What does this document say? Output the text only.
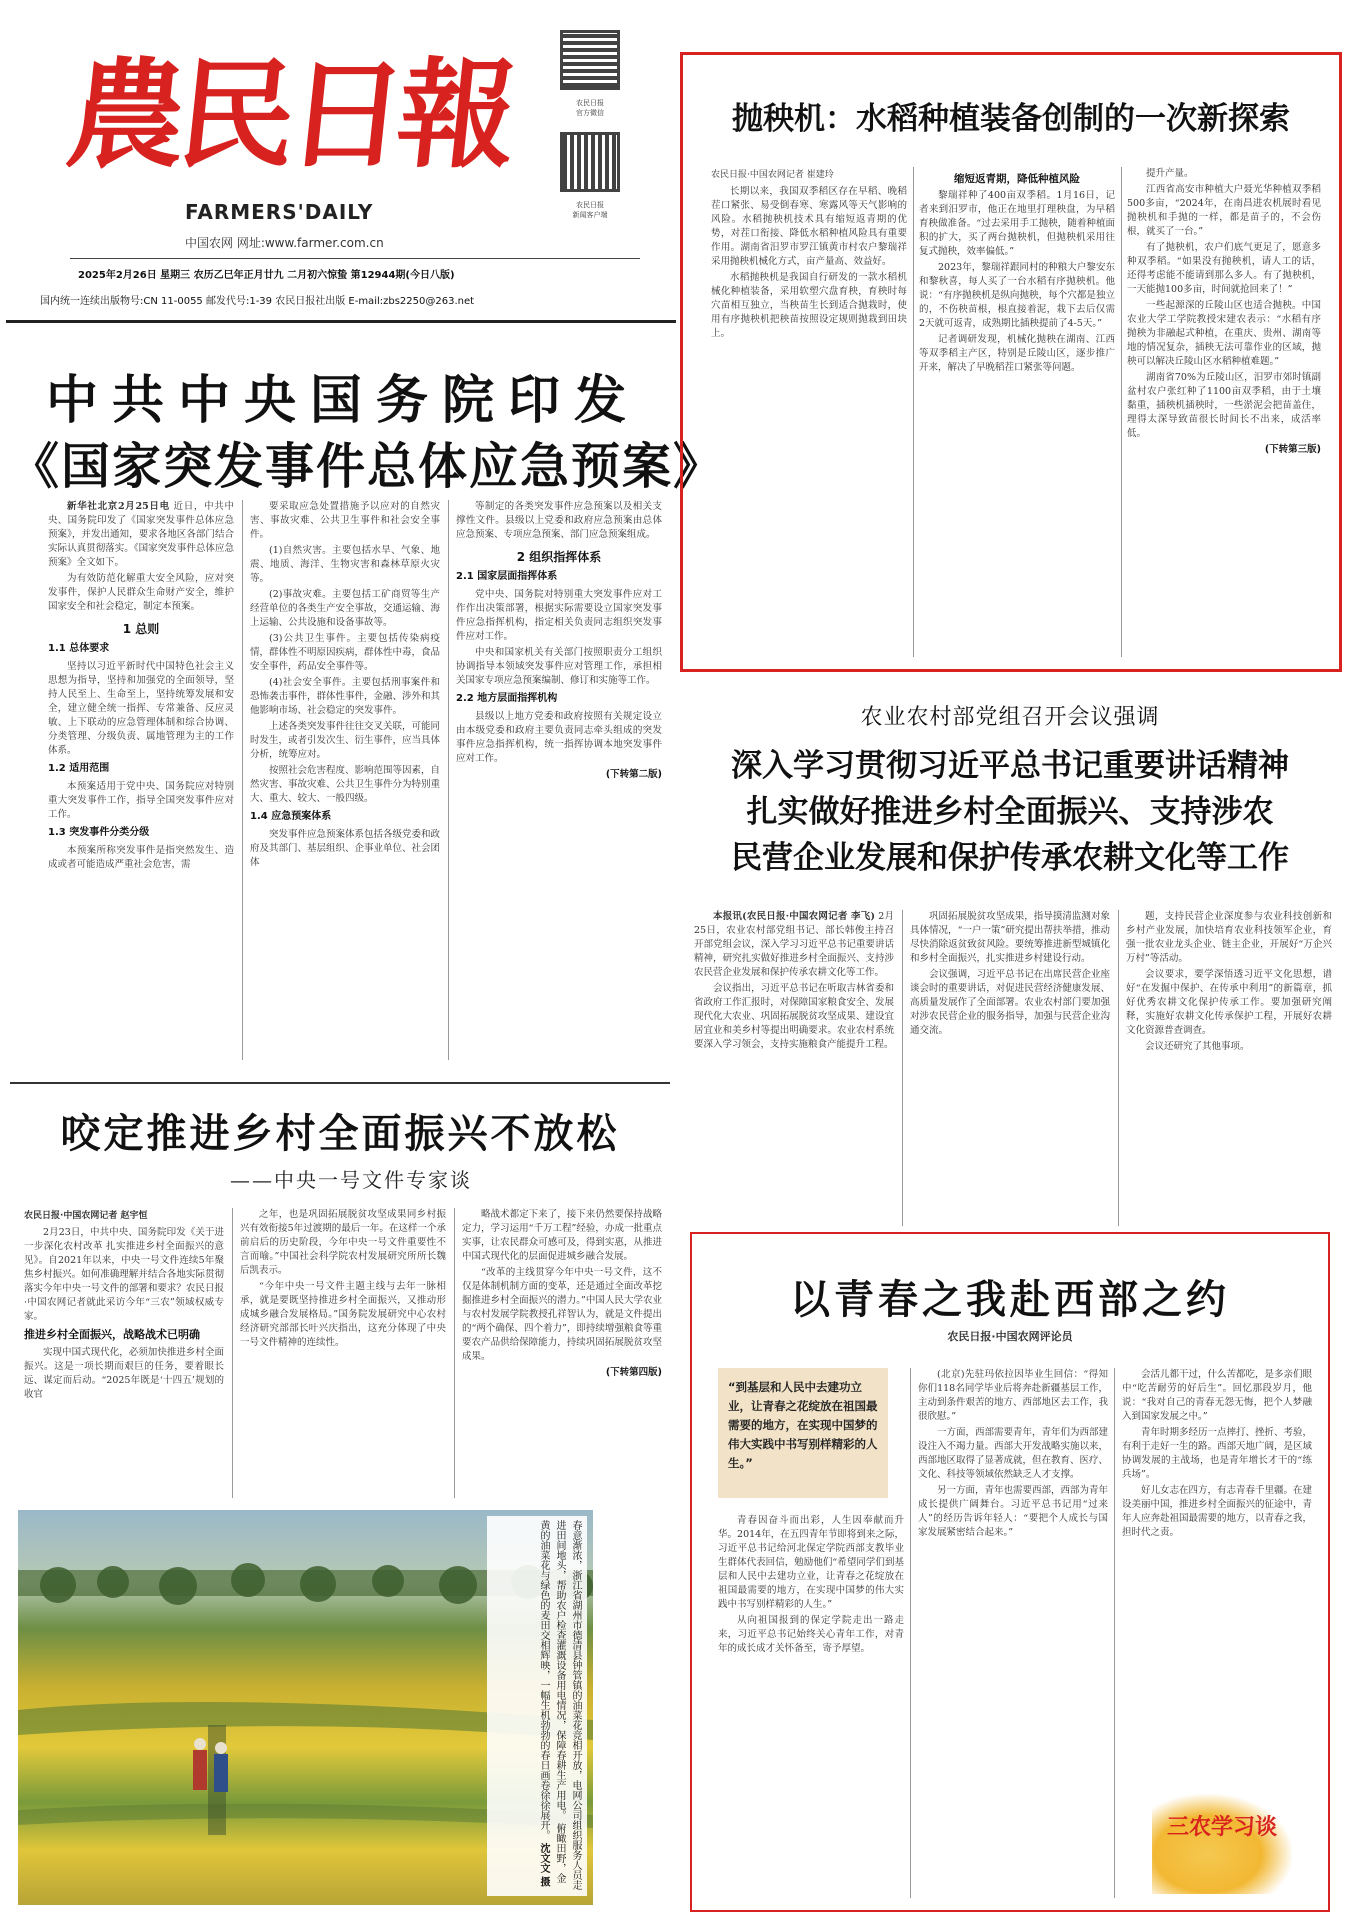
農民日報
FARMERS'DAILY
中国农网 网址:www.farmer.com.cn
农民日报
官方微信
农民日报
新闻客户端
2025年2月26日 星期三 农历乙巳年正月廿九 二月初六惊蛰 第12944期(今日八版)
国内统一连续出版物号:CN 11-0055 邮发代号:1-39 农民日报社出版 E-mail:zbs2250@263.net
中共中央国务院印发
《国家突发事件总体应急预案》

新华社北京2月25日电 近日，中共中央、国务院印发了《国家突发事件总体应急预案》，并发出通知，要求各地区各部门结合实际认真贯彻落实。《国家突发事件总体应急预案》全文如下。

为有效防范化解重大安全风险，应对突发事件，保护人民群众生命财产安全，维护国家安全和社会稳定，制定本预案。

1 总则
1.1 总体要求

坚持以习近平新时代中国特色社会主义思想为指导，坚持和加强党的全面领导，坚持人民至上、生命至上，坚持统筹发展和安全，建立健全统一指挥、专常兼备、反应灵敏、上下联动的应急管理体制和综合协调、分类管理、分级负责、属地管理为主的工作体系。

1.2 适用范围

本预案适用于党中央、国务院应对特别重大突发事件工作，指导全国突发事件应对工作。

1.3 突发事件分类分级

本预案所称突发事件是指突然发生、造成或者可能造成严重社会危害，需

要采取应急处置措施予以应对的自然灾害、事故灾难、公共卫生事件和社会安全事件。

(1)自然灾害。主要包括水旱、气象、地震、地质、海洋、生物灾害和森林草原火灾等。

(2)事故灾难。主要包括工矿商贸等生产经营单位的各类生产安全事故，交通运输、海上运输、公共设施和设备事故等。

(3)公共卫生事件。主要包括传染病疫情，群体性不明原因疾病，群体性中毒，食品安全事件，药品安全事件等。

(4)社会安全事件。主要包括刑事案件和恐怖袭击事件，群体性事件，金融、涉外和其他影响市场、社会稳定的突发事件。

上述各类突发事件往往交叉关联，可能同时发生，或者引发次生、衍生事件，应当具体分析，统筹应对。

按照社会危害程度、影响范围等因素，自然灾害、事故灾难、公共卫生事件分为特别重大、重大、较大、一般四级。

1.4 应急预案体系

突发事件应急预案体系包括各级党委和政府及其部门、基层组织、企事业单位、社会团体

等制定的各类突发事件应急预案以及相关支撑性文件。县级以上党委和政府应急预案由总体应急预案、专项应急预案、部门应急预案组成。

2 组织指挥体系
2.1 国家层面指挥体系

党中央、国务院对特别重大突发事件应对工作作出决策部署，根据实际需要设立国家突发事件应急指挥机构，指定相关负责同志组织突发事件应对工作。

中央和国家机关有关部门按照职责分工组织协调指导本领域突发事件应对管理工作，承担相关国家专项应急预案编制、修订和实施等工作。

2.2 地方层面指挥机构

县级以上地方党委和政府按照有关规定设立由本级党委和政府主要负责同志牵头组成的突发事件应急指挥机构，统一指挥协调本地突发事件应对工作。

(下转第二版)
抛秧机：水稻种植装备创制的一次新探索
农民日报·中国农网记者 崔建玲

长期以来，我国双季稻区存在早稻、晚稻茬口紧张、易受倒春寒、寒露风等天气影响的风险。水稻抛秧机技术具有缩短返青期的优势，对茬口衔接、降低水稻种植风险具有重要作用。湖南省汨罗市罗江镇黄市村农户黎瑞祥采用抛秧机械化方式，亩产量高、效益好。

水稻抛秧机是我国自行研发的一款水稻机械化种植装备，采用软塑穴盘育秧，育秧时每穴苗相互独立，当秧苗生长到适合抛栽时，使用有序抛秧机把秧苗按照设定规则抛栽到田块上。

缩短返青期，降低种植风险

黎瑞祥种了400亩双季稻。1月16日，记者来到汨罗市，他正在地里打理秧盘，为早稻育秧做准备。“过去采用手工抛秧，随着种植面积的扩大，买了两台抛秧机，但抛秧机采用往复式抛秧，效率偏低。”

2023年，黎瑞祥跟同村的种粮大户黎安东和黎秋喜，每人买了一台水稻有序抛秧机。他说：“有序抛秧机是纵向抛秧，每个穴都是独立的，不伤秧苗根，根直接着泥，栽下去后仅需2天就可返青，成熟期比插秧提前了4-5天。”

记者调研发现，机械化抛秧在湖南、江西等双季稻主产区，特别是丘陵山区，逐步推广开来，解决了早晚稻茬口紧张等问题。

提升产量。

江西省高安市种植大户聂光华种植双季稻500多亩，“2024年，在南昌进农机展时看见抛秧机和手抛的一样，都是苗子的，不会伤根，就买了一台。”

有了抛秧机，农户们底气更足了，愿意多种双季稻。“如果没有抛秧机，请人工的话，还得考虑能不能请到那么多人。有了抛秧机，一天能抛100多亩，时间就抢回来了！”

一些起源深的丘陵山区也适合抛秧。中国农业大学工学院教授宋建农表示：“水稻有序抛秧为非融起式种植，在重庆、贵州、湖南等地的情况复杂，插秧无法可靠作业的区域，抛秧可以解决丘陵山区水稻种植难题。”

湖南省70%为丘陵山区，汨罗市郊时镇副盆村农户张红种了1100亩双季稻，由于土壤黏重，插秧机插秧时，一些淤泥会把苗盖住，理得太深导致苗很长时间长不出来，成活率低。

(下转第三版)
农业农村部党组召开会议强调
深入学习贯彻习近平总书记重要讲话精神
扎实做好推进乡村全面振兴、支持涉农
民营企业发展和保护传承农耕文化等工作

本报讯(农民日报·中国农网记者 李飞) 2月25日，农业农村部党组书记、部长韩俊主持召开部党组会议，深入学习习近平总书记重要讲话精神，研究扎实做好推进乡村全面振兴、支持涉农民营企业发展和保护传承农耕文化等工作。

会议指出，习近平总书记在听取吉林省委和省政府工作汇报时，对保障国家粮食安全、发展现代化大农业、巩固拓展脱贫攻坚成果、建设宜居宜业和美乡村等提出明确要求。农业农村系统要深入学习领会，支持实施粮食产能提升工程。

巩固拓展脱贫攻坚成果，指导摸清监测对象具体情况，“一户一策”研究提出帮扶举措，推动尽快消除返贫致贫风险。要统筹推进新型城镇化和乡村全面振兴，扎实推进乡村建设行动。

会议强调，习近平总书记在出席民营企业座谈会时的重要讲话，对促进民营经济健康发展、高质量发展作了全面部署。农业农村部门要加强对涉农民营企业的服务指导，加强与民营企业沟通交流。

题，支持民营企业深度参与农业科技创新和乡村产业发展，加快培育农业科技领军企业，育强一批农业龙头企业、链主企业，开展好“万企兴万村”等活动。

会议要求，要学深悟透习近平文化思想，谱好“在发掘中保护、在传承中利用”的新篇章，抓好优秀农耕文化保护传承工作。要加强研究阐释，实施好农耕文化传承保护工程，开展好农耕文化资源普查调查。

会议还研究了其他事项。

咬定推进乡村全面振兴不放松
——中央一号文件专家谈
农民日报·中国农网记者 赵宇恒

2月23日，中共中央、国务院印发《关于进一步深化农村改革 扎实推进乡村全面振兴的意见》。自2021年以来，中央一号文件连续5年聚焦乡村振兴。如何准确理解并结合各地实际贯彻落实今年中央一号文件的部署和要求？农民日报·中国农网记者就此采访今年“三农”领域权威专家。

推进乡村全面振兴，战略战术已明确

实现中国式现代化，必须加快推进乡村全面振兴。这是一项长期而艰巨的任务，要着眼长远、谋定而后动。“2025年既是‘十四五’规划的收官

之年，也是巩固拓展脱贫攻坚成果同乡村振兴有效衔接5年过渡期的最后一年。在这样一个承前启后的历史阶段，今年中央一号文件重要性不言而喻。”中国社会科学院农村发展研究所所长魏后凯表示。

“今年中央一号文件主题主线与去年一脉相承，就是要既坚持推进乡村全面振兴，又推动形成城乡融合发展格局。”国务院发展研究中心农村经济研究部部长叶兴庆指出，这充分体现了中央一号文件精神的连续性。

略战术都定下来了，接下来仍然要保持战略定力，学习运用“千万工程”经验，办成一批重点实事，让农民群众可感可及，得到实惠，从推进中国式现代化的层面促进城乡融合发展。

“改革的主线贯穿今年中央一号文件，这不仅是体制机制方面的变革，还是通过全面改革挖掘推进乡村全面振兴的潜力。”中国人民大学农业与农村发展学院教授孔祥智认为，就是文件提出的“两个确保、四个着力”，即持续增强粮食等重要农产品供给保障能力，持续巩固拓展脱贫攻坚成果。

(下转第四版)
春意渐浓，浙江省湖州市德清县钟管镇的油菜花竞相开放，电网公司组织服务人员走进田间地头，帮助农户检查灌溉设备用电情况，保障春耕生产用电。 俯瞰田野，金黄的油菜花与绿色的麦田交相辉映，一幅生机勃勃的春日画卷徐徐展开。 沈文文 摄
以青春之我赴西部之约
农民日报·中国农网评论员
“到基层和人民中去建功立业，让青春之花绽放在祖国最需要的地方，在实现中国梦的伟大实践中书写别样精彩的人生。”

青春因奋斗而出彩，人生因奉献而升华。2014年，在五四青年节即将到来之际，习近平总书记给河北保定学院西部支教毕业生群体代表回信，勉励他们“希望同学们到基层和人民中去建功立业，让青春之花绽放在祖国最需要的地方，在实现中国梦的伟大实践中书写别样精彩的人生。”

从向祖国报到的保定学院走出一路走来，习近平总书记始终关心青年工作，对青年的成长成才关怀备至，寄予厚望。

(北京)先驻玛依拉因毕业生回信：“得知你们118名同学毕业后将奔赴新疆基层工作，主动到条件艰苦的地方、西部地区去工作，我很欣慰。”

一方面，西部需要青年，青年们为西部建设注入不竭力量。西部大开发战略实施以来，西部地区取得了显著成就，但在教育、医疗、文化、科技等领域依然缺乏人才支撑。

另一方面，青年也需要西部，西部为青年成长提供广阔舞台。习近平总书记用“过来人”的经历告诉年轻人：“要把个人成长与国家发展紧密结合起来。”

会活儿都干过，什么苦都吃，是多亲们眼中“吃苦耐劳的好后生”。回忆那段岁月，他说：“我对自己的青春无怨无悔，把个人梦融入到国家发展之中。”

青年时期多经历一点摔打、挫折、考验，有利于走好一生的路。西部天地广阔，是区域协调发展的主战场，也是青年增长才干的“练兵场”。

好儿女志在四方，有志青春千里疆。在建设美丽中国，推进乡村全面振兴的征途中，青年人应奔赴祖国最需要的地方，以青春之我，担时代之责。

三农学习谈
